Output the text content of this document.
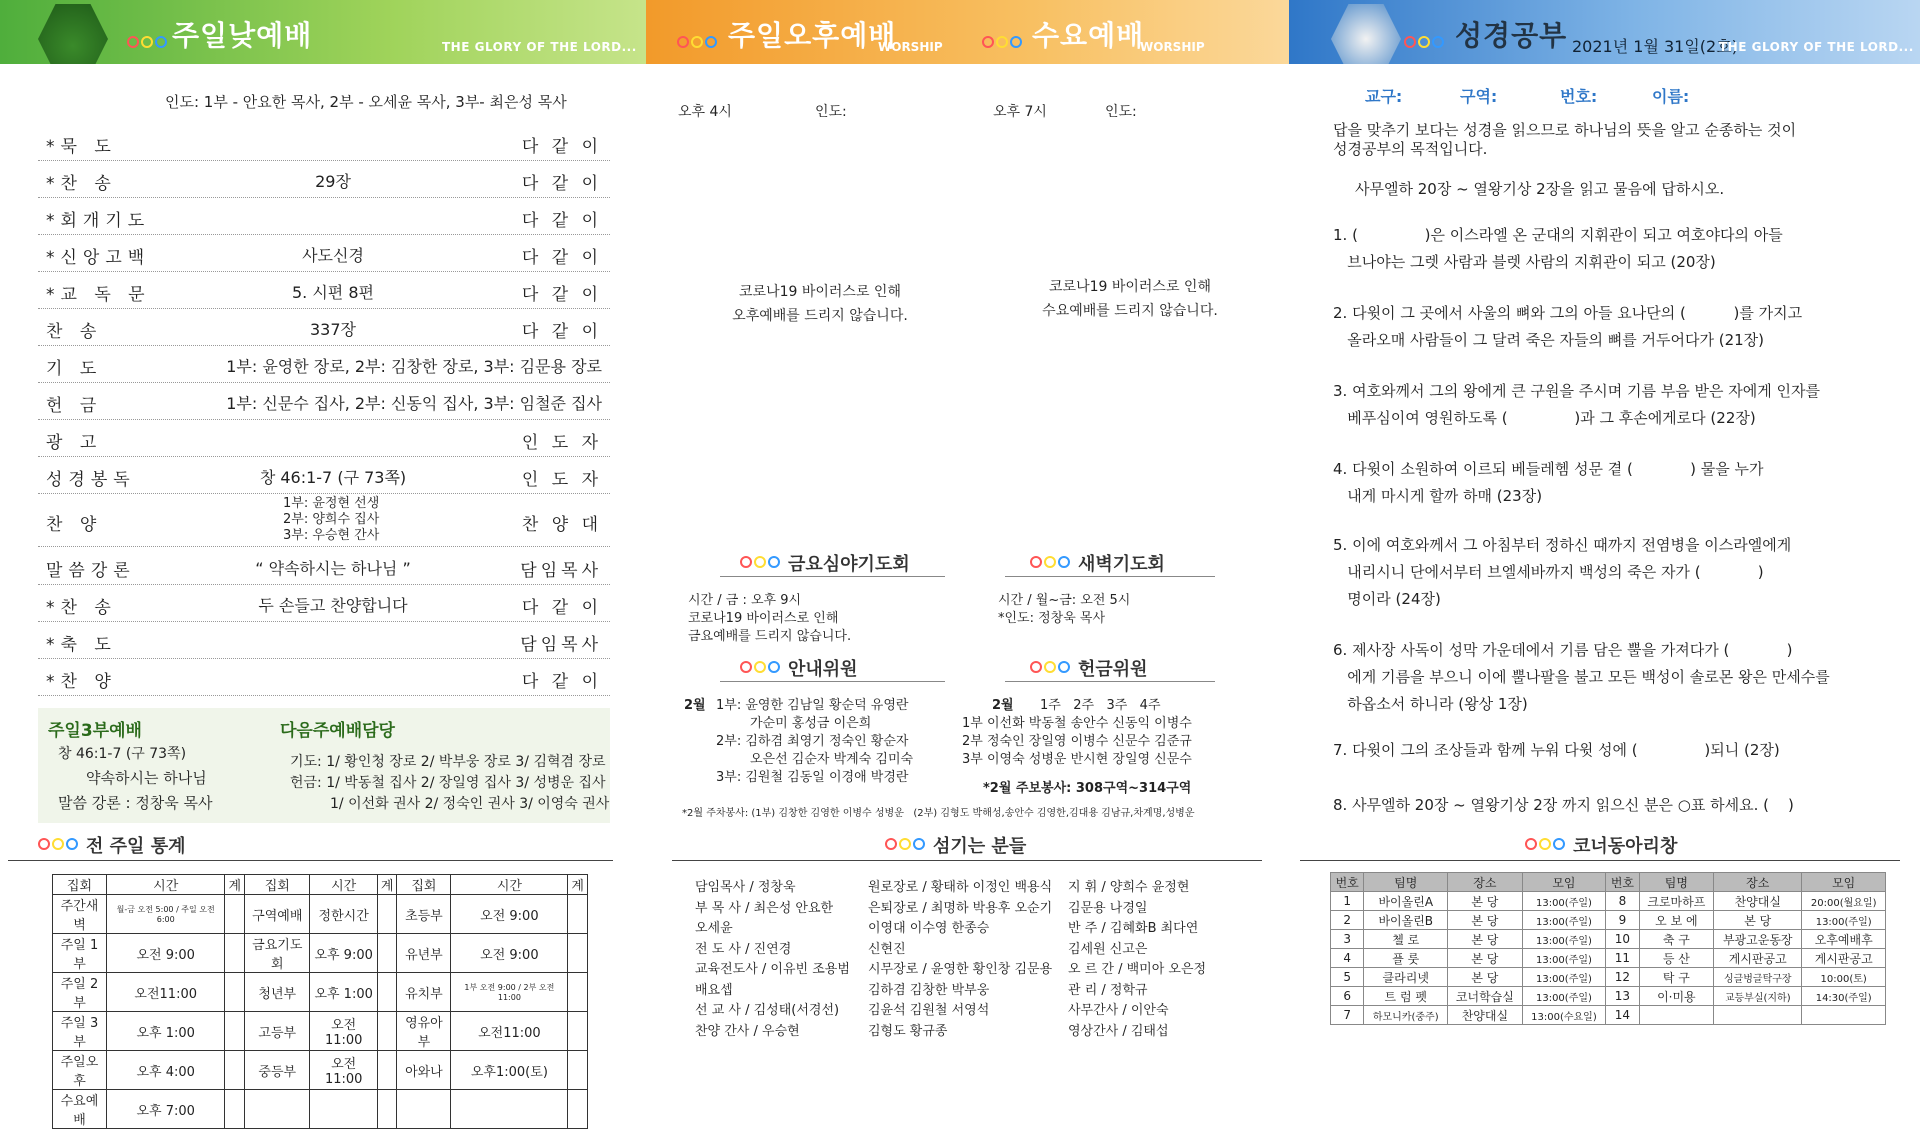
주일낮예배	THE GLORY OF THE LORD...	주일오후예배
WORSHIP	수요예배
WORSHIP	성경공부 2021년 1월 31일(2호)
THE GLORY OF THE LORD...
인도: 1부 - 안요한 목사, 2부 - 오세윤 목사, 3부- 최은성 목사
*묵 도	다 같 이
*찬 송	29장	다 같 이
*회개기도	다 같 이
*신앙고백	사도신경	다 같 이
*교 독 문	5. 시편 8편	다 같 이
찬 송	337장	다 같 이
기 도	1부: 윤영한 장로, 2부: 김창한 장로, 3부: 김문용 장로
헌 금	1부: 신문수 집사, 2부: 신동익 집사, 3부: 임철준 집사
광 고	인 도 자
성경봉독	창 46:1-7 (구 73쪽)	인 도 자
찬 양
1부: 윤정현 선생
2부: 양희수 집사
3부: 우승현 간사
찬 양 대
말씀강론	“ 약속하시는 하나님 ”	담임목사
*찬 송	두 손들고 찬양합니다	다 같 이
*축 도	담임목사
*찬 양	다 같 이
주일3부예배
창 46:1-7 (구 73쪽)
약속하시는 하나님
말씀 강론 : 정창욱 목사
다음주예배담당
기도: 1/ 황인청 장로 2/ 박부웅 장로 3/ 김혁겸 장로
헌금: 1/ 박동철 집사 2/ 장일영 집사 3/ 성병운 집사
1/ 이선화 권사 2/ 정숙인 권사 3/ 이영숙 권사
전 주일 통계
집회	시간	계	집회	시간	계	집회	시간	계
주간새벽	월-금 오전 5:00 / 주일 오전 6:00		구역예배	정한시간		초등부	오전 9:00	
주일 1부	오전 9:00		금요기도회	오후 9:00		유년부	오전 9:00	
주일 2부	오전11:00		청년부	오후 1:00		유치부	1부 오전 9:00 / 2부 오전 11:00	
주일 3부	오후 1:00		고등부	오전11:00		영유아부	오전11:00	
주일오후	오후 4:00		중등부	오전11:00		아와나	오후1:00(토)	
수요예배	오후 7:00							
오후 4시	인도:	오후 7시	인도:
코로나19 바이러스로 인해
오후예배를 드리지 않습니다.
코로나19 바이러스로 인해
수요예배를 드리지 않습니다.
금요심야기도회
시간 / 금 : 오후 9시
코로나19 바이러스로 인해
금요예배를 드리지 않습니다.
새벽기도회
시간 / 월~금: 오전 5시
*인도: 정창욱 목사
안내위원
2월 1부: 윤영한 김남일 황순덕 유영란
가순미 홍성금 이은희
2부: 김하겸 최영기 정숙인 황순자
오은선 김순자 박계숙 김미숙
3부: 김원철 김동일 이경애 박경란
헌금위원
2월 1주   2주   3주   4주
1부 이선화 박동철 송안수 신동익 이병수
2부 정숙인 장일영 이병수 신문수 김준규
3부 이영숙 성병운 반시현 장일영 신문수
*2월 주보봉사: 308구역~314구역
*2월 주차봉사: (1부) 김창한 김영한 이병수 성병운   (2부) 김형도 박해성,송안수 김영한,김대용 김남규,차계명,성병운
섬기는 분들
담임목사 / 정창욱
부 목 사 / 최은성 안요한
오세윤
전 도 사 / 진연경
교육전도사 / 이유빈 조용범
배요셉
선 교 사 / 김성태(서경선)
찬양 간사 / 우승현
원로장로 / 황태하 이정인 백용식
은퇴장로 / 최명하 박용후 오순기
이영대 이수영 한종승
신현진
시무장로 / 윤영한 황인창 김문용
김하겸 김창한 박부웅
김윤석 김원철 서영석
김형도 황규종
지 휘 / 양희수 윤정현
김문용 나경일
반 주 / 김혜화B 최다연
김세원 신고은
오 르 간 / 백미아 오은정
관 리 / 정학규
사무간사 / 이안숙
영상간사 / 김태섭
교구:	구역:	번호:	이름:
답을 맞추기 보다는 성경을 읽으므로 하나님의 뜻을 알고 순종하는 것이
성경공부의 목적입니다.
사무엘하 20장 ~ 열왕기상 2장을 읽고 물음에 답하시오.
1. (              )은 이스라엘 온 군대의 지휘관이 되고 여호야다의 아들
브나야는 그렛 사람과 블렛 사람의 지휘관이 되고 (20장)
2. 다윗이 그 곳에서 사울의 뼈와 그의 아들 요나단의 (          )를 가지고
올라오매 사람들이 그 달려 죽은 자들의 뼈를 거두어다가 (21장)
3. 여호와께서 그의 왕에게 큰 구원을 주시며 기름 부음 받은 자에게 인자를
베푸심이여 영원하도록 (              )과 그 후손에게로다 (22장)
4. 다윗이 소원하여 이르되 베들레헴 성문 곁 (            ) 물을 누가
내게 마시게 할까 하매 (23장)
5. 이에 여호와께서 그 아침부터 정하신 때까지 전염병을 이스라엘에게
내리시니 단에서부터 브엘세바까지 백성의 죽은 자가 (            )
명이라 (24장)
6. 제사장 사독이 성막 가운데에서 기름 담은 뿔을 가져다가 (            )
에게 기름을 부으니 이에 뿔나팔을 불고 모든 백성이 솔로몬 왕은 만세수를
하옵소서 하니라 (왕상 1장)
7. 다윗이 그의 조상들과 함께 누워 다윗 성에 (              )되니 (2장)
8. 사무엘하 20장 ~ 열왕기상 2장 까지 읽으신 분은 ○표 하세요. (    )
코너동아리창
번호	팀명	장소	모임	번호	팀명	장소	모임
1	바이올린A	본 당	13:00(주일)	8	크로마하프	찬양대실	20:00(월요일)
2	바이올린B	본 당	13:00(주일)	9	오 보 에	본 당	13:00(주일)
3	첼 로	본 당	13:00(주일)	10	축 구	부광고운동장	오후예배후
4	플 룻	본 당	13:00(주일)	11	등 산	게시판공고	게시판공고
5	클라리넷	본 당	13:00(주일)	12	탁 구	싱글벙글탁구장	10:00(토)
6	트 럼 펫	코너학습실	13:00(주일)	13	이·미용	교등부실(지하)	14:30(주일)
7	하모니카(중주)	찬양대실	13:00(수요일)	14			
